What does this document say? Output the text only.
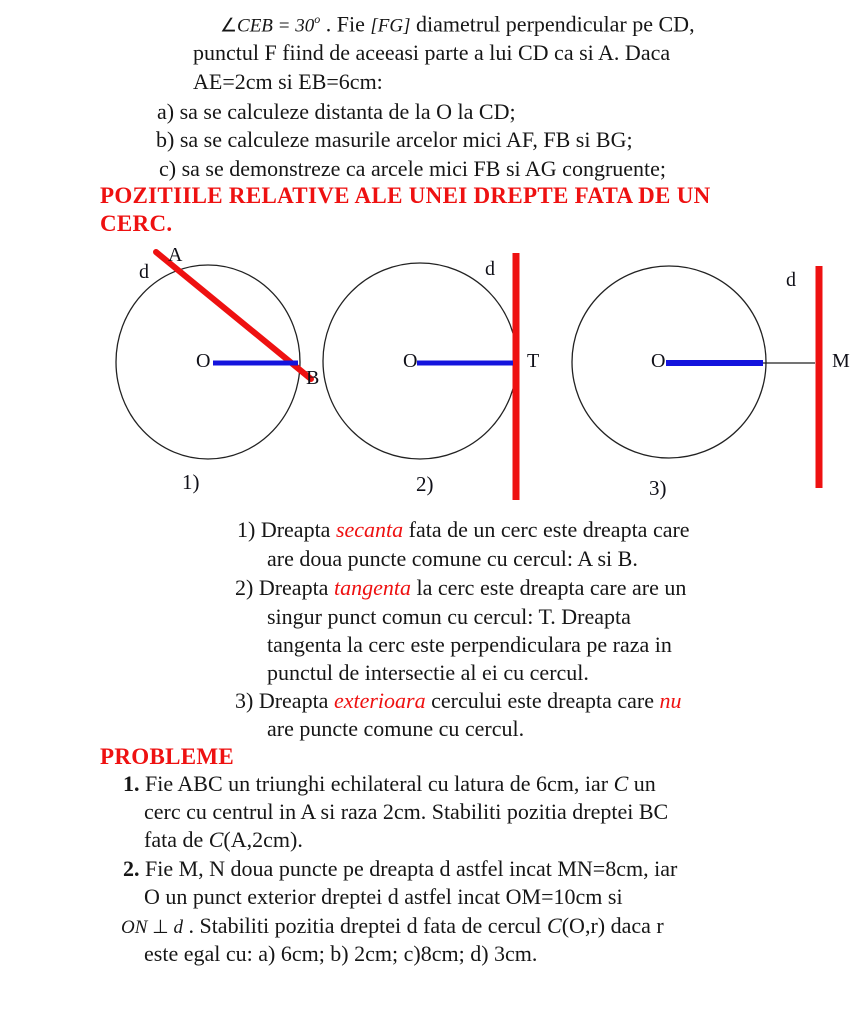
∠CEB = $30^o$ . Fie [FG] diametrul perpendicular pe CD,
punctul F fiind de aceeasi parte a lui CD ca si A. Daca
AE=2cm si EB=6cm:
a) sa se calculeze distanta de la O la CD;
b) sa se calculeze masurile arcelor mici AF, FB si BG;
c) sa se demonstreze ca arcele mici FB si AG congruente;
POZITIILE RELATIVE ALE UNEI DREPTE FATA DE UN
CERC.
1) Dreapta secanta fata de un cerc este dreapta care
are doua puncte comune cu cercul: A si B.
2) Dreapta tangenta la cerc este dreapta care are un
singur punct comun cu cercul: T. Dreapta
tangenta la cerc este perpendiculara pe raza in
punctul de intersectie al ei cu cercul.
3) Dreapta exterioara cercului este dreapta care nu
are puncte comune cu cercul.
PROBLEME
1. Fie ABC un triunghi echilateral cu latura de 6cm, iar C un
cerc cu centrul in A si raza 2cm. Stabiliti pozitia dreptei BC
fata de C(A,2cm).
2. Fie M, N doua puncte pe dreapta d astfel incat MN=8cm, iar
O un punct exterior dreptei d astfel incat OM=10cm si
ON ⊥ d . Stabiliti pozitia dreptei d fata de cercul C(O,r) daca r
este egal cu: a) 6cm; b) 2cm; c)8cm; d) 3cm.
d
A
O
B
1)
d
O	T
2)
d
O	M
3)
